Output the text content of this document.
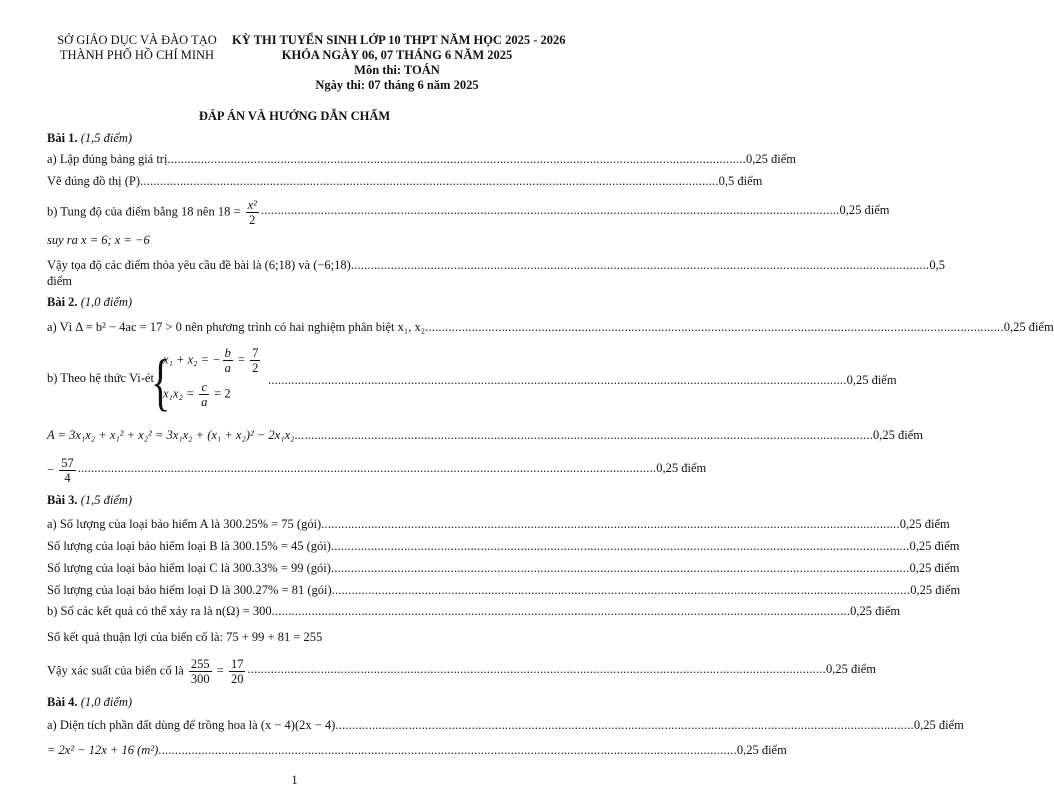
SỞ GIÁO DỤC VÀ ĐÀO TẠO
THÀNH PHỐ HỒ CHÍ MINH
KỲ THI TUYỂN SINH LỚP 10 THPT NĂM HỌC 2025 - 2026
KHÓA NGÀY 06, 07 THÁNG 6 NĂM 2025
Môn thi: TOÁN
Ngày thi: 07 tháng 6 năm 2025
ĐÁP ÁN VÀ HƯỚNG DẪN CHẤM
Bài 1. (1,5 điểm)
a) Lập đúng bảng giá trị .............................................................................................................................................................................. 0,25 điểm
Vẽ đúng đồ thị (P) .............................................................................................................................................................................. 0,5 điểm
b) Tung độ của điểm bằng 18 nên $18 = \frac{\text{x²}}{2}$ .............................................................................................................................................................................. 0,25 điểm
suy ra x = 6; x = −6
Vậy tọa độ các điểm thỏa yêu cầu đề bài là (6;18) và (−6;18) .............................................................................................................................................................................. 0,5
điểm
Bài 2. (1,0 điểm)
a) Vì Δ = b² − 4ac = 17 > 0 nên phương trình có hai nghiệm phân biệt x₁, x₂ .............................................................................................................................................................................. 0,25 điểm
b) Theo hệ thức Vi-ét
{
x₁ + x₂ = − $\frac{b}{a} = \frac{7}{2}$
$x_1x_2 = \frac{c}{a} = 2$
.............................................................................................................................................................................. 0,25 điểm
A = 3x₁x₂ + x₁² + x₂² = 3x₁x₂ + (x₁ + x₂)² − 2x₁x₂ .............................................................................................................................................................................. 0,25 điểm
− $\frac{57}{4}$ .............................................................................................................................................................................. 0,25 điểm
Bài 3. (1,5 điểm)
a) Số lượng của loại bảo hiểm A là 300.25% = 75 (gói) .............................................................................................................................................................................. 0,25 điểm
Số lượng của loại bảo hiểm loại B là 300.15% = 45 (gói) .............................................................................................................................................................................. 0,25 điểm
Số lượng của loại bảo hiểm loại C là 300.33% = 99 (gói) .............................................................................................................................................................................. 0,25 điểm
Số lượng của loại bảo hiểm loại D là 300.27% = 81 (gói) .............................................................................................................................................................................. 0,25 điểm
b) Số các kết quả có thể xảy ra là n(Ω) = 300 .............................................................................................................................................................................. 0,25 điểm
Số kết quả thuận lợi của biến cố là: 75 + 99 + 81 = 255
Vậy xác suất của biến cố là $\frac{255}{300} = \frac{17}{20}$ .............................................................................................................................................................................. 0,25 điểm
Bài 4. (1,0 điểm)
a) Diện tích phần đất dùng để trồng hoa là (x − 4)(2x − 4) .............................................................................................................................................................................. 0,25 điểm
= 2x² − 12x + 16 (m²) .............................................................................................................................................................................. 0,25 điểm
1
